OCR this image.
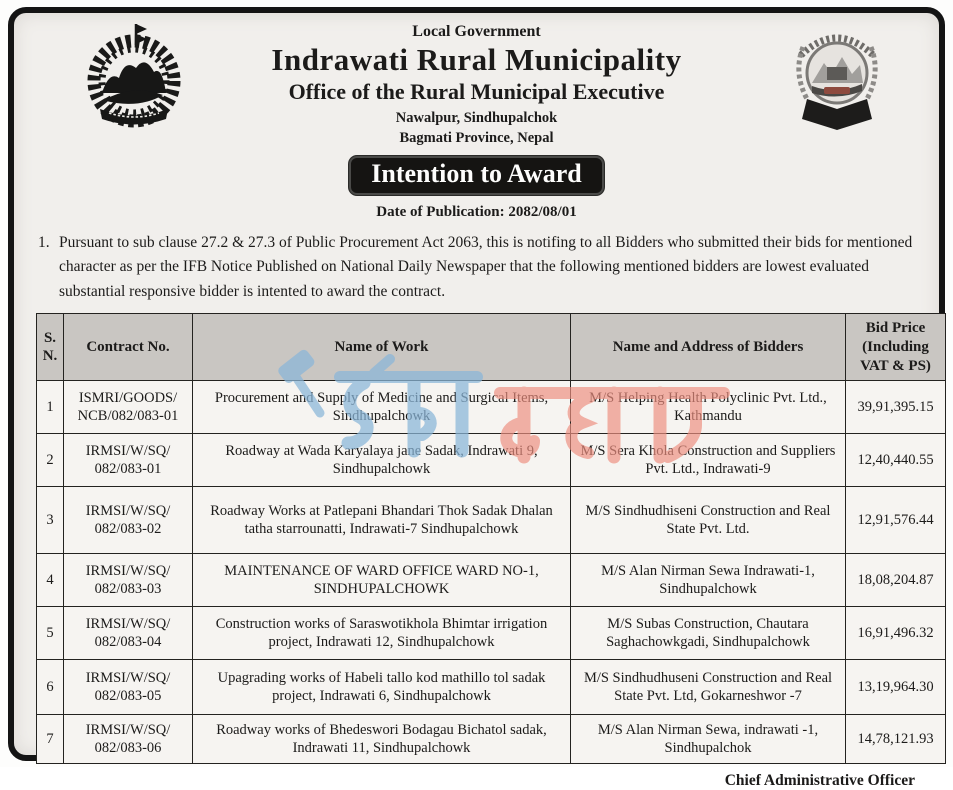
Local Government
Indrawati Rural Municipality
Office of the Rural Municipal Executive
Nawalpur, Sindhupalchok
Bagmati Province, Nepal
Intention to Award
Date of Publication: 2082/08/01
1. Pursuant to sub clause 27.2 & 27.3 of Public Procurement Act 2063, this is notifing to all Bidders who submitted their bids for mentioned character as per the IFB Notice Published on National Daily Newspaper that the following mentioned bidders are lowest evaluated substantial responsive bidder is intented to award the contract.
S. N.	Contract No.	Name of Work	Name and Address of Bidders	Bid Price (Including VAT & PS)
1	ISMRI/GOODS/ NCB/082/083-01	Procurement and Supply of Medicine and Surgical Items, Sindhupalchowk	M/S Helping Health Polyclinic Pvt. Ltd., Kathmandu	39,91,395.15
2	IRMSI/W/SQ/ 082/083-01	Roadway at Wada Karyalaya jane Sadak, Indrawati 9, Sindhupalchowk	M/S Sera Khola Construction and Suppliers Pvt. Ltd., Indrawati-9	12,40,440.55
3	IRMSI/W/SQ/ 082/083-02	Roadway Works at Patlepani Bhandari Thok Sadak Dhalan tatha starrounatti, Indrawati-7 Sindhupalchowk	M/S Sindhudhiseni Construction and Real State Pvt. Ltd.	12,91,576.44
4	IRMSI/W/SQ/ 082/083-03	MAINTENANCE OF WARD OFFICE WARD NO-1, SINDHUPALCHOWK	M/S Alan Nirman Sewa Indrawati-1, Sindhupalchowk	18,08,204.87
5	IRMSI/W/SQ/ 082/083-04	Construction works of Saraswotikhola Bhimtar irrigation project, Indrawati 12, Sindhupalchowk	M/S Subas Construction, Chautara Saghachowkgadi, Sindhupalchowk	16,91,496.32
6	IRMSI/W/SQ/ 082/083-05	Upagrading works of Habeli tallo kod mathillo tol sadak project, Indrawati 6, Sindhupalchowk	M/S Sindhudhuseni Construction and Real State Pvt. Ltd, Gokarneshwor -7	13,19,964.30
7	IRMSI/W/SQ/ 082/083-06	Roadway works of Bhedeswori Bodagau Bichatol sadak, Indrawati 11, Sindhupalchowk	M/S Alan Nirman Sewa, indrawati -1, Sindhupalchok	14,78,121.93
Chief Administrative Officer
